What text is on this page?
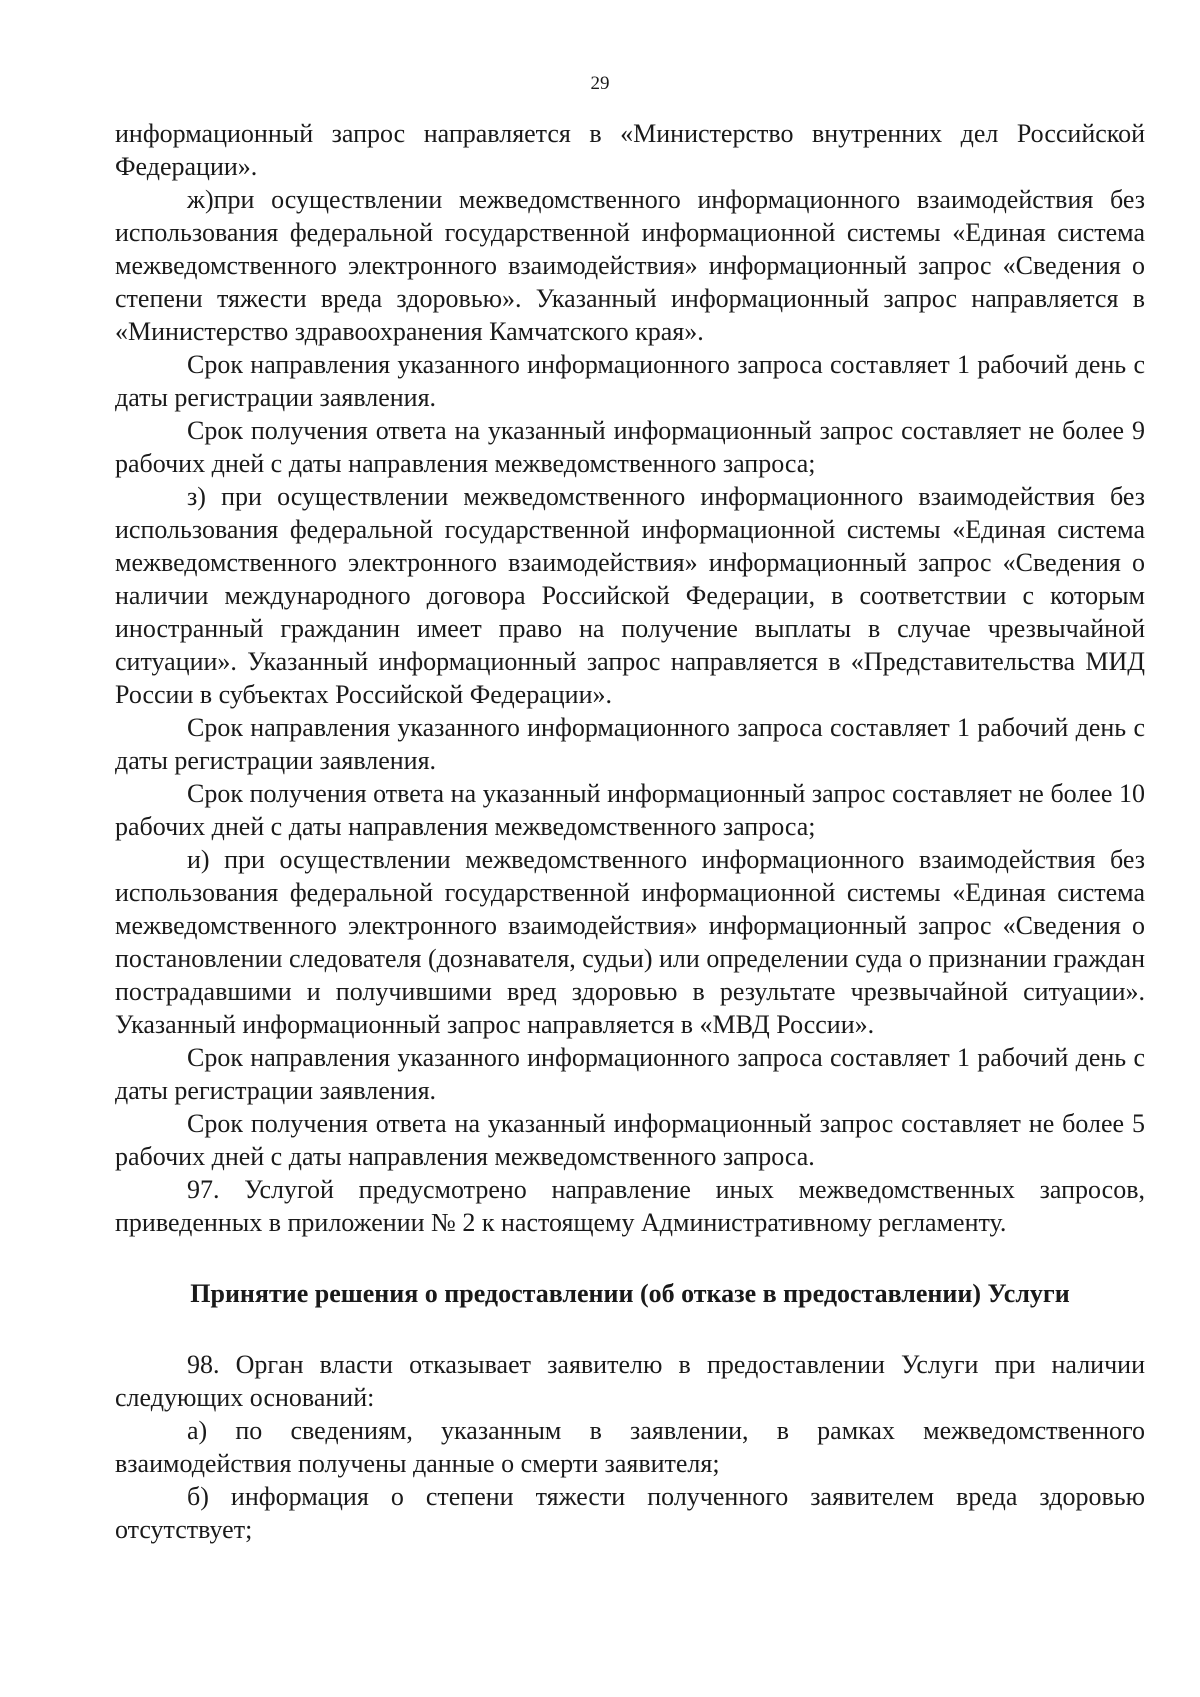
29

информационный запрос направляется в «Министерство внутренних дел Российской Федерации».

ж)при осуществлении межведомственного информационного взаимодействия без использования федеральной государственной информационной системы «Единая система межведомственного электронного взаимодействия» информационный запрос «Сведения о степени тяжести вреда здоровью». Указанный информационный запрос направляется в «Министерство здравоохранения Камчатского края».

Срок направления указанного информационного запроса составляет 1 рабочий день с даты регистрации заявления.

Срок получения ответа на указанный информационный запрос составляет не более 9 рабочих дней с даты направления межведомственного запроса;

з) при осуществлении межведомственного информационного взаимодействия без использования федеральной государственной информационной системы «Единая система межведомственного электронного взаимодействия» информационный запрос «Сведения о наличии международного договора Российской Федерации, в соответствии с которым иностранный гражданин имеет право на получение выплаты в случае чрезвычайной ситуации». Указанный информационный запрос направляется в «Представительства МИД России в субъектах Российской Федерации».

Срок направления указанного информационного запроса составляет 1 рабочий день с даты регистрации заявления.

Срок получения ответа на указанный информационный запрос составляет не более 10 рабочих дней с даты направления межведомственного запроса;

и) при осуществлении межведомственного информационного взаимодействия без использования федеральной государственной информационной системы «Единая система межведомственного электронного взаимодействия» информационный запрос «Сведения о постановлении следователя (дознавателя, судьи) или определении суда о признании граждан пострадавшими и получившими вред здоровью в результате чрезвычайной ситуации». Указанный информационный запрос направляется в «МВД России».

Срок направления указанного информационного запроса составляет 1 рабочий день с даты регистрации заявления.

Срок получения ответа на указанный информационный запрос составляет не более 5 рабочих дней с даты направления межведомственного запроса.

97. Услугой предусмотрено направление иных межведомственных запросов, приведенных в приложении № 2 к настоящему Административному регламенту.

Принятие решения о предоставлении (об отказе в предоставлении) Услуги

98. Орган власти отказывает заявителю в предоставлении Услуги при наличии следующих оснований:

а) по сведениям, указанным в заявлении, в рамках межведомственного взаимодействия получены данные о смерти заявителя;

б) информация о степени тяжести полученного заявителем вреда здоровью отсутствует;
